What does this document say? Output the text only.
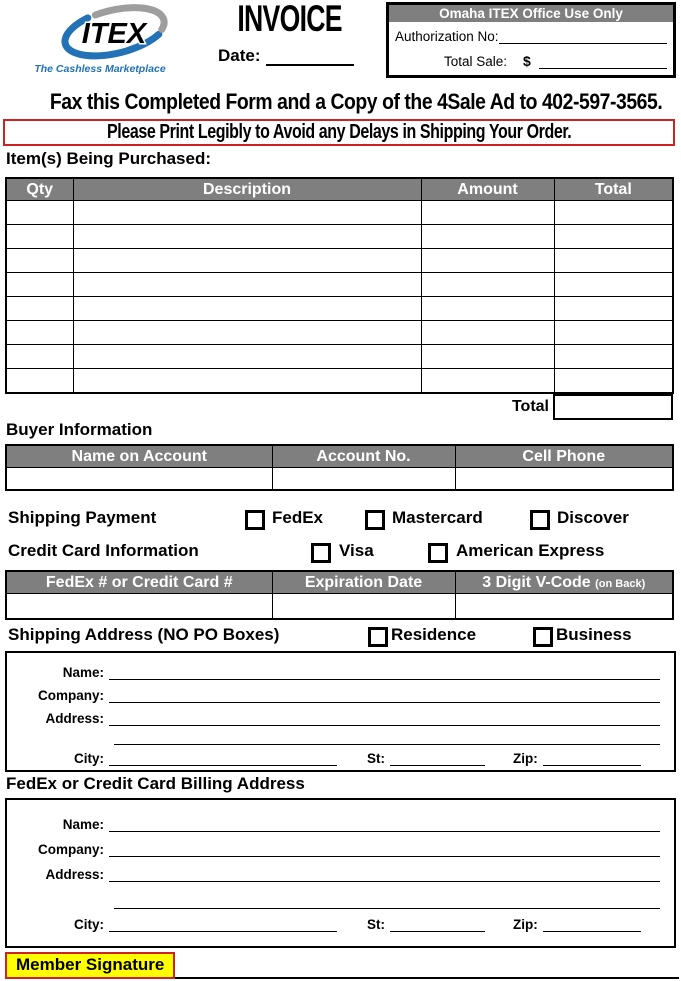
ITEX
The Cashless Marketplace
INVOICE
Date:
Omaha ITEX Office Use Only
Authorization No:
Total Sale: $
Fax this Completed Form and a Copy of the 4Sale Ad to 402-597-3565.
Please Print Legibly to Avoid any Delays in Shipping Your Order.
Item(s) Being Purchased:
Qty	Description	Amount	Total

Total
Buyer Information
Name on Account	Account No.	Cell Phone

Shipping Payment	FedEx	Mastercard	Discover
Credit Card Information	Visa	American Express
FedEx # or Credit Card #	Expiration Date	3 Digit V-Code (on Back)

Shipping Address (NO PO Boxes)	Residence	Business
Name:
Company:
Address:
City:	St:	Zip:
FedEx or Credit Card Billing Address
Name:
Company:
Address:
City:	St:	Zip:
Member Signature
